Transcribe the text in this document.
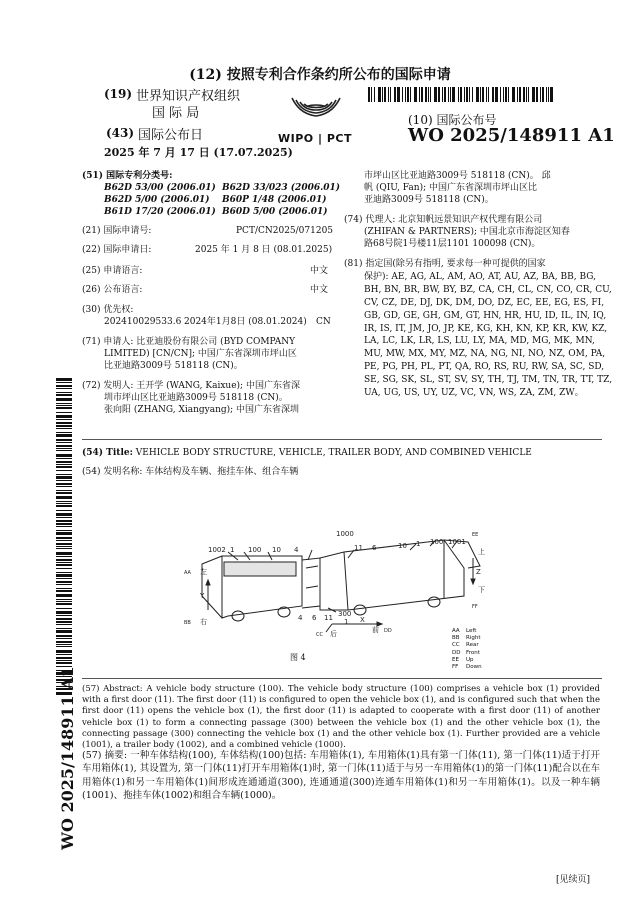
(12) 按照专利合作条约所公布的国际申请
(19) 世界知识产权组织
国 际 局
(43) 国际公布日
2025 年 7 月 17 日 (17.07.2025)
WIPO | PCT
(10) 国际公布号
WO 2025/148911 A1
(51) 国际专利分类号:
B62D 53/00 (2006.01) B62D 33/023 (2006.01)
B62D 5/00 (2006.01) B60P 1/48 (2006.01)
B61D 17/20 (2006.01) B60D 5/00 (2006.01)
(21) 国际申请号:	PCT/CN2025/071205
(22) 国际申请日:	2025 年 1 月 8 日 (08.01.2025)
(25) 申请语言:	中文
(26) 公布语言:	中文
(30) 优先权:
202410029533.6 2024年1月8日 (08.01.2024) CN
(71) 申请人: 比亚迪股份有限公司 (BYD COMPANY
LIMITED) [CN/CN]; 中国广东省深圳市坪山区
比亚迪路3009号 518118 (CN)。
(72) 发明人: 王开学 (WANG, Kaixue); 中国广东省深
圳市坪山区比亚迪路3009号 518118 (CN)。
张向阳 (ZHANG, Xiangyang); 中国广东省深圳
市坪山区比亚迪路3009号 518118 (CN)。 邱
帆 (QIU, Fan); 中国广东省深圳市坪山区比
亚迪路3009号 518118 (CN)。
(74) 代理人: 北京知帆远景知识产权代理有限公司
(ZHIFAN & PARTNERS); 中国北京市海淀区知春
路68号院1号楼11层1101 100098 (CN)。
(81) 指定国(除另有指明, 要求每一种可提供的国家
保护): AE, AG, AL, AM, AO, AT, AU, AZ, BA, BB, BG,
BH, BN, BR, BW, BY, BZ, CA, CH, CL, CN, CO, CR, CU,
CV, CZ, DE, DJ, DK, DM, DO, DZ, EC, EE, EG, ES, FI,
GB, GD, GE, GH, GM, GT, HN, HR, HU, ID, IL, IN, IQ,
IR, IS, IT, JM, JO, JP, KE, KG, KH, KN, KP, KR, KW, KZ,
LA, LC, LK, LR, LS, LU, LY, MA, MD, MG, MK, MN,
MU, MW, MX, MY, MZ, NA, NG, NI, NO, NZ, OM, PA,
PE, PG, PH, PL, PT, QA, RO, RS, RU, RW, SA, SC, SD,
SE, SG, SK, SL, ST, SV, SY, TH, TJ, TM, TN, TR, TT, TZ,
UA, UG, US, UY, UZ, VC, VN, WS, ZA, ZM, ZW。
(54) Title: VEHICLE BODY STRUCTURE, VEHICLE, TRAILER BODY, AND COMBINED VEHICLE
(54) 发明名称: 车体结构及车辆、拖挂车体、组合车辆
1000
1002 1 100 10 4	11 6	10 1 100 1001
4 6 11 1
300
X
Z
Y
左
右
上
下
后	前
AA
BB
CC
DD
EE
FF
AA Left
BB Right
CC Rear
DD Front
EE Up
FF Down
图 4
(57) Abstract: A vehicle body structure (100). The vehicle body structure (100) comprises a vehicle box (1) provided with a first door (11). The first door (11) is configured to open the vehicle box (1), and is configured such that when the first door (11) opens the vehicle box (1), the first door (11) is adapted to cooperate with a first door (11) of another vehicle box (1) to form a connecting passage (300) between the vehicle box (1) and the other vehicle box (1), the connecting passage (300) connecting the vehicle box (1) and the other vehicle box (1). Further provided are a vehicle (1001), a trailer body (1002), and a combined vehicle (1000).
(57) 摘要: 一种车体结构(100), 车体结构(100)包括: 车用箱体(1), 车用箱体(1)具有第一门体(11), 第一门体(11)适于打开车用箱体(1), 其设置为, 第一门体(11)打开车用箱体(1)时, 第一门体(11)适于与另一车用箱体(1)的第一门体(11)配合以在车用箱体(1)和另一车用箱体(1)间形成连通通道(300), 连通通道(300)连通车用箱体(1)和另一车用箱体(1)。以及一种车辆(1001)、拖挂车体(1002)和组合车辆(1000)。
WO 2025/148911 A1
[见续页]
